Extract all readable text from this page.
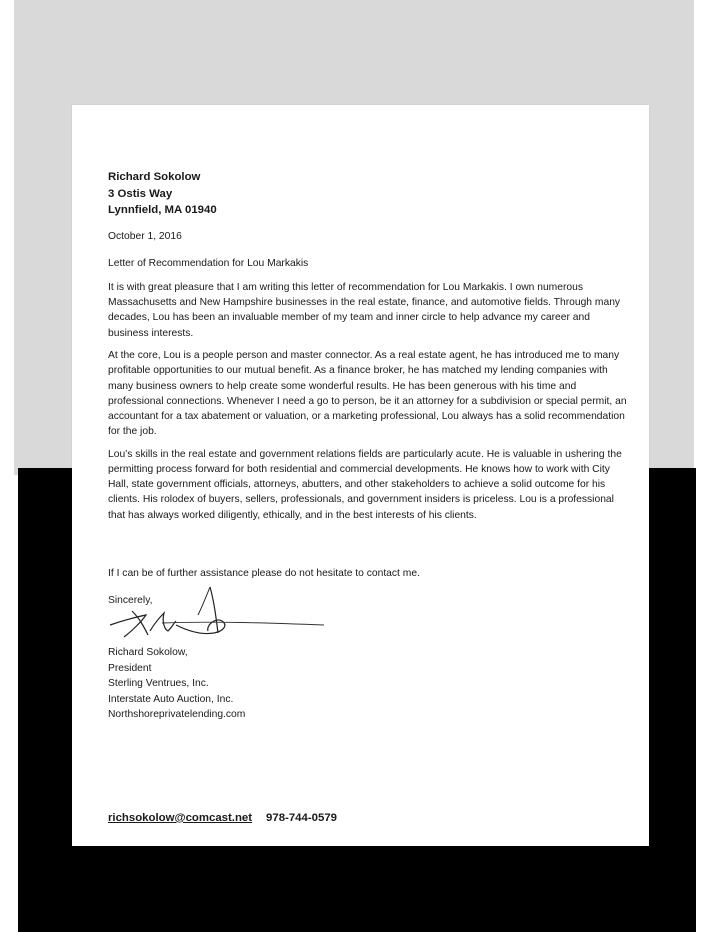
Richard Sokolow
3 Ostis Way
Lynnfield, MA 01940
October 1, 2016
Letter of Recommendation for Lou Markakis

It is with great pleasure that I am writing this letter of recommendation for Lou Markakis. I own numerous Massachusetts and New Hampshire businesses in the real estate, finance, and automotive fields. Through many decades, Lou has been an invaluable member of my team and inner circle to help advance my career and business interests.

At the core, Lou is a people person and master connector. As a real estate agent, he has introduced me to many profitable opportunities to our mutual benefit. As a finance broker, he has matched my lending companies with many business owners to help create some wonderful results. He has been generous with his time and professional connections. Whenever I need a go to person, be it an attorney for a subdivision or special permit, an accountant for a tax abatement or valuation, or a marketing professional, Lou always has a solid recommendation for the job.

Lou’s skills in the real estate and government relations fields are particularly acute. He is valuable in ushering the permitting process forward for both residential and commercial developments. He knows how to work with City Hall, state government officials, attorneys, abutters, and other stakeholders to achieve a solid outcome for his clients. His rolodex of buyers, sellers, professionals, and government insiders is priceless. Lou is a professional that has always worked diligently, ethically, and in the best interests of his clients.

If I can be of further assistance please do not hesitate to contact me.
Sincerely,
Richard Sokolow,
President
Sterling Ventrues, Inc.
Interstate Auto Auction, Inc.
Northshoreprivatelending.com
richsokolow@comcast.net 978-744-0579
